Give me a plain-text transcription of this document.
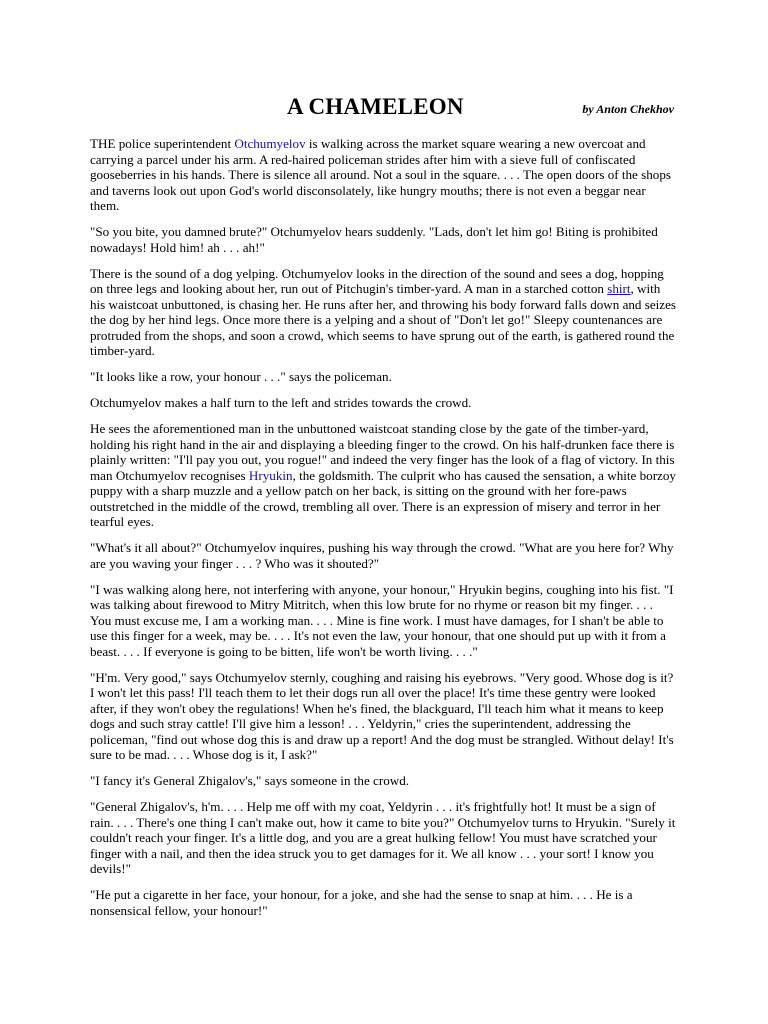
A CHAMELEON	by Anton Chekhov

THE police superintendent Otchumyelov is walking across the market square wearing a new overcoat and carrying a parcel under his arm. A red-haired policeman strides after him with a sieve full of confiscated gooseberries in his hands. There is silence all around. Not a soul in the square. . . . The open doors of the shops and taverns look out upon God's world disconsolately, like hungry mouths; there is not even a beggar near them.

"So you bite, you damned brute?" Otchumyelov hears suddenly. "Lads, don't let him go! Biting is prohibited nowadays! Hold him! ah . . . ah!"

There is the sound of a dog yelping. Otchumyelov looks in the direction of the sound and sees a dog, hopping on three legs and looking about her, run out of Pitchugin's timber-yard. A man in a starched cotton shirt, with his waistcoat unbuttoned, is chasing her. He runs after her, and throwing his body forward falls down and seizes the dog by her hind legs. Once more there is a yelping and a shout of "Don't let go!" Sleepy countenances are protruded from the shops, and soon a crowd, which seems to have sprung out of the earth, is gathered round the timber-yard.

"It looks like a row, your honour . . ." says the policeman.

Otchumyelov makes a half turn to the left and strides towards the crowd.

He sees the aforementioned man in the unbuttoned waistcoat standing close by the gate of the timber-yard, holding his right hand in the air and displaying a bleeding finger to the crowd. On his half-drunken face there is plainly written: "I'll pay you out, you rogue!" and indeed the very finger has the look of a flag of victory. In this man Otchumyelov recognises Hryukin, the goldsmith. The culprit who has caused the sensation, a white borzoy puppy with a sharp muzzle and a yellow patch on her back, is sitting on the ground with her fore-paws outstretched in the middle of the crowd, trembling all over. There is an expression of misery and terror in her tearful eyes.

"What's it all about?" Otchumyelov inquires, pushing his way through the crowd. "What are you here for? Why are you waving your finger . . . ? Who was it shouted?"

"I was walking along here, not interfering with anyone, your honour," Hryukin begins, coughing into his fist. "I was talking about firewood to Mitry Mitritch, when this low brute for no rhyme or reason bit my finger. . . . You must excuse me, I am a working man. . . . Mine is fine work. I must have damages, for I shan't be able to use this finger for a week, may be. . . . It's not even the law, your honour, that one should put up with it from a beast. . . . If everyone is going to be bitten, life won't be worth living. . . ."

"H'm. Very good," says Otchumyelov sternly, coughing and raising his eyebrows. "Very good. Whose dog is it? I won't let this pass! I'll teach them to let their dogs run all over the place! It's time these gentry were looked after, if they won't obey the regulations! When he's fined, the blackguard, I'll teach him what it means to keep dogs and such stray cattle! I'll give him a lesson! . . . Yeldyrin," cries the superintendent, addressing the policeman, "find out whose dog this is and draw up a report! And the dog must be strangled. Without delay! It's sure to be mad. . . . Whose dog is it, I ask?"

"I fancy it's General Zhigalov's," says someone in the crowd.

"General Zhigalov's, h'm. . . . Help me off with my coat, Yeldyrin . . . it's frightfully hot! It must be a sign of rain. . . . There's one thing I can't make out, how it came to bite you?" Otchumyelov turns to Hryukin. "Surely it couldn't reach your finger. It's a little dog, and you are a great hulking fellow! You must have scratched your finger with a nail, and then the idea struck you to get damages for it. We all know . . . your sort! I know you devils!"

"He put a cigarette in her face, your honour, for a joke, and she had the sense to snap at him. . . . He is a nonsensical fellow, your honour!"
